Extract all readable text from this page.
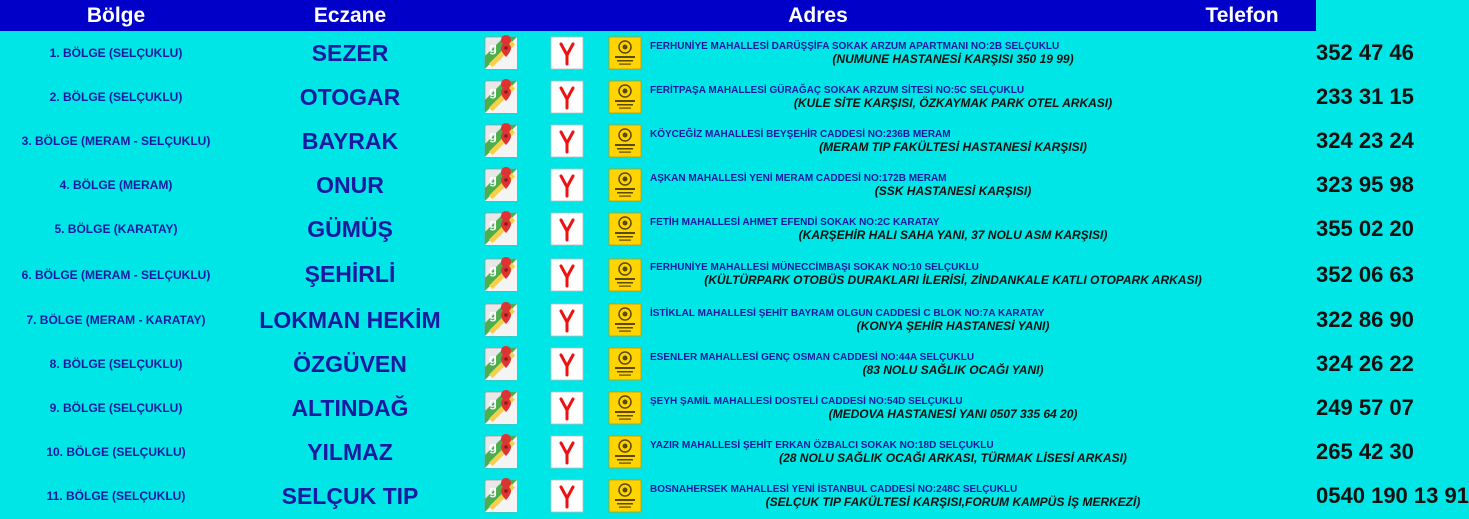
Bölge	Eczane	Adres				Telefon	
1. BÖLGE (SELÇUKLU)	SEZER	g			FERHUNİYE MAHALLESİ DARÜŞŞİFA SOKAK ARZUM APARTMANI NO:2B SELÇUKLU
(NUMUNE HASTANESİ KARŞISI 350 19 99)		352 47 46
2. BÖLGE (SELÇUKLU)	OTOGAR	g			FERİTPAŞA MAHALLESİ GÜRAĞAÇ SOKAK ARZUM SİTESİ NO:5C SELÇUKLU
(KULE SİTE KARŞISI, ÖZKAYMAK PARK OTEL ARKASI)		233 31 15
3. BÖLGE (MERAM - SELÇUKLU)	BAYRAK	g			KÖYCEĞİZ MAHALLESİ BEYŞEHİR CADDESİ NO:236B MERAM
(MERAM TIP FAKÜLTESİ HASTANESİ KARŞISI)		324 23 24
4. BÖLGE (MERAM)	ONUR	g			AŞKAN MAHALLESİ YENİ MERAM CADDESİ NO:172B MERAM
(SSK HASTANESİ KARŞISI)		323 95 98
5. BÖLGE (KARATAY)	GÜMÜŞ	g			FETİH MAHALLESİ AHMET EFENDİ SOKAK NO:2C KARATAY
(KARŞEHİR HALI SAHA YANI, 37 NOLU ASM KARŞISI)		355 02 20
6. BÖLGE (MERAM - SELÇUKLU)	ŞEHİRLİ	g			FERHUNİYE MAHALLESİ MÜNECCİMBAŞI SOKAK NO:10 SELÇUKLU
(KÜLTÜRPARK OTOBÜS DURAKLARI İLERİSİ, ZİNDANKALE KATLI OTOPARK ARKASI)		352 06 63
7. BÖLGE (MERAM - KARATAY)	LOKMAN HEKİM	g			İSTİKLAL MAHALLESİ ŞEHİT BAYRAM OLGUN CADDESİ C BLOK NO:7A KARATAY
(KONYA ŞEHİR HASTANESİ YANI)		322 86 90
8. BÖLGE (SELÇUKLU)	ÖZGÜVEN	g			ESENLER MAHALLESİ GENÇ OSMAN CADDESİ NO:44A SELÇUKLU
(83 NOLU SAĞLIK OCAĞI YANI)		324 26 22
9. BÖLGE (SELÇUKLU)	ALTINDAĞ	g			ŞEYH ŞAMİL MAHALLESİ DOSTELİ CADDESİ NO:54D SELÇUKLU
(MEDOVA HASTANESİ YANI 0507 335 64 20)		249 57 07
10. BÖLGE (SELÇUKLU)	YILMAZ	g			YAZIR MAHALLESİ ŞEHİT ERKAN ÖZBALCI SOKAK NO:18D SELÇUKLU
(28 NOLU SAĞLIK OCAĞI ARKASI, TÜRMAK LİSESİ ARKASI)		265 42 30
11. BÖLGE (SELÇUKLU)	SELÇUK TIP	g			BOSNAHERSEK MAHALLESİ YENİ İSTANBUL CADDESİ NO:248C SELÇUKLU
(SELÇUK TIP FAKÜLTESİ KARŞISI,FORUM KAMPÜS İŞ MERKEZİ)		0540 190 13 91
